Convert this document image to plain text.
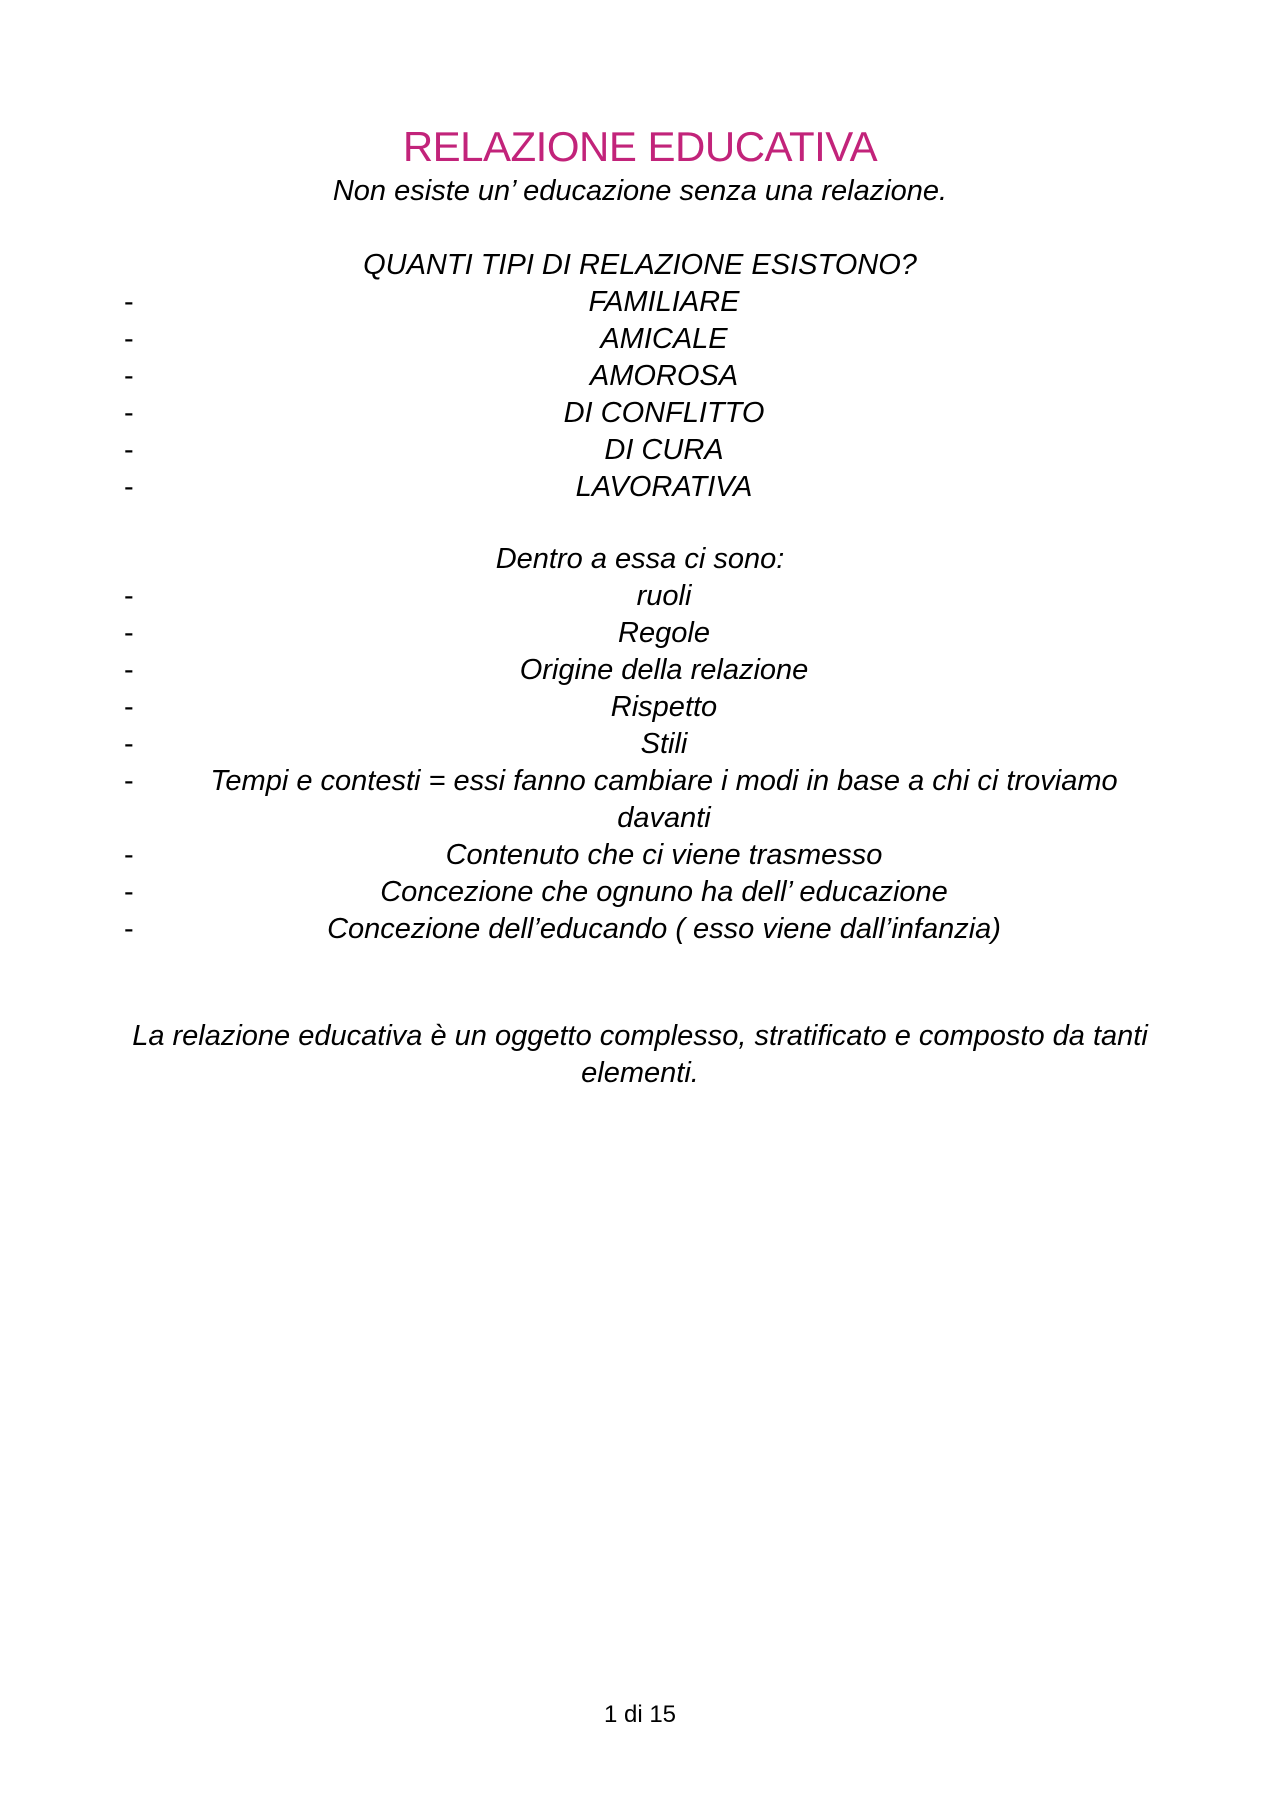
RELAZIONE EDUCATIVA
Non esiste un’ educazione senza una relazione.
QUANTI TIPI DI RELAZIONE ESISTONO?
-	FAMILIARE
-	AMICALE
-	AMOROSA
-	DI CONFLITTO
-	DI CURA
-	LAVORATIVA
Dentro a essa ci sono:
-	ruoli
-	Regole
-	Origine della relazione
-	Rispetto
-	Stili
-	Tempi e contesti = essi fanno cambiare i modi in base a chi ci troviamo davanti
-	Contenuto che ci viene trasmesso
-	Concezione che ognuno ha dell’ educazione
-	Concezione dell’educando ( esso viene dall’infanzia)
La relazione educativa è un oggetto complesso, stratificato e composto da tanti elementi.
1 di 15
